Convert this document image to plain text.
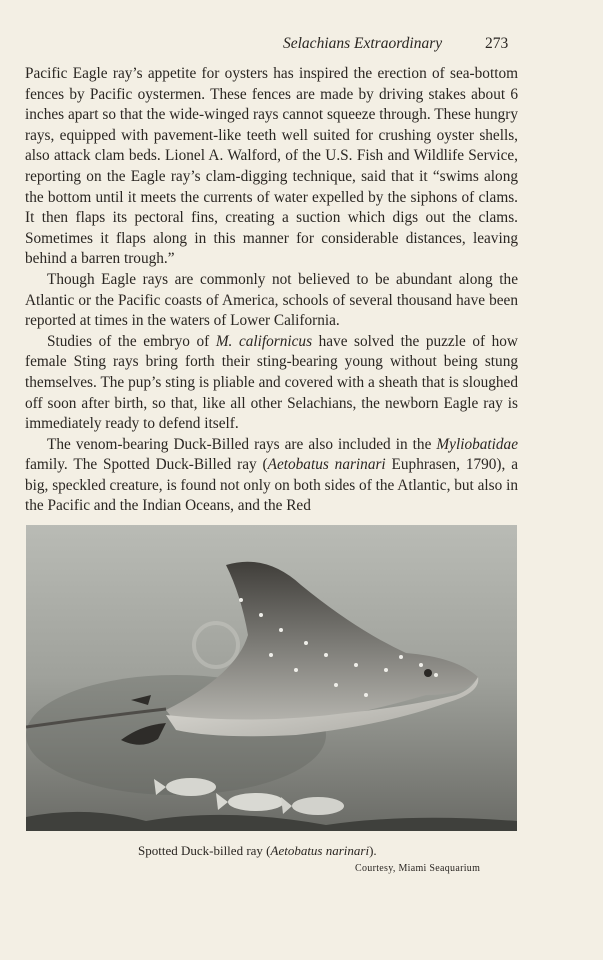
Selachians Extraordinary	273

Pacific Eagle ray’s appetite for oysters has inspired the erection of sea-bottom fences by Pacific oystermen. These fences are made by driving stakes about 6 inches apart so that the wide-winged rays cannot squeeze through. These hungry rays, equipped with pavement-like teeth well suited for crushing oyster shells, also attack clam beds. Lionel A. Walford, of the U.S. Fish and Wildlife Service, reporting on the Eagle ray’s clam-digging technique, said that it “swims along the bottom until it meets the currents of water expelled by the siphons of clams. It then flaps its pectoral fins, creating a suction which digs out the clams. Sometimes it flaps along in this manner for considerable distances, leaving behind a barren trough.”

Though Eagle rays are commonly not believed to be abundant along the Atlantic or the Pacific coasts of America, schools of several thousand have been reported at times in the waters of Lower California.

Studies of the embryo of M. californicus have solved the puzzle of how female Sting rays bring forth their sting-bearing young without being stung themselves. The pup’s sting is pliable and covered with a sheath that is sloughed off soon after birth, so that, like all other Selachians, the newborn Eagle ray is immediately ready to defend itself.

The venom-bearing Duck-Billed rays are also included in the Myliobatidae family. The Spotted Duck-Billed ray (Aetobatus narinari Euphrasen, 1790), a big, speckled creature, is found not only on both sides of the Atlantic, but also in the Pacific and the Indian Oceans, and the Red

Spotted Duck-billed ray (Aetobatus narinari).
Courtesy, Miami Seaquarium
